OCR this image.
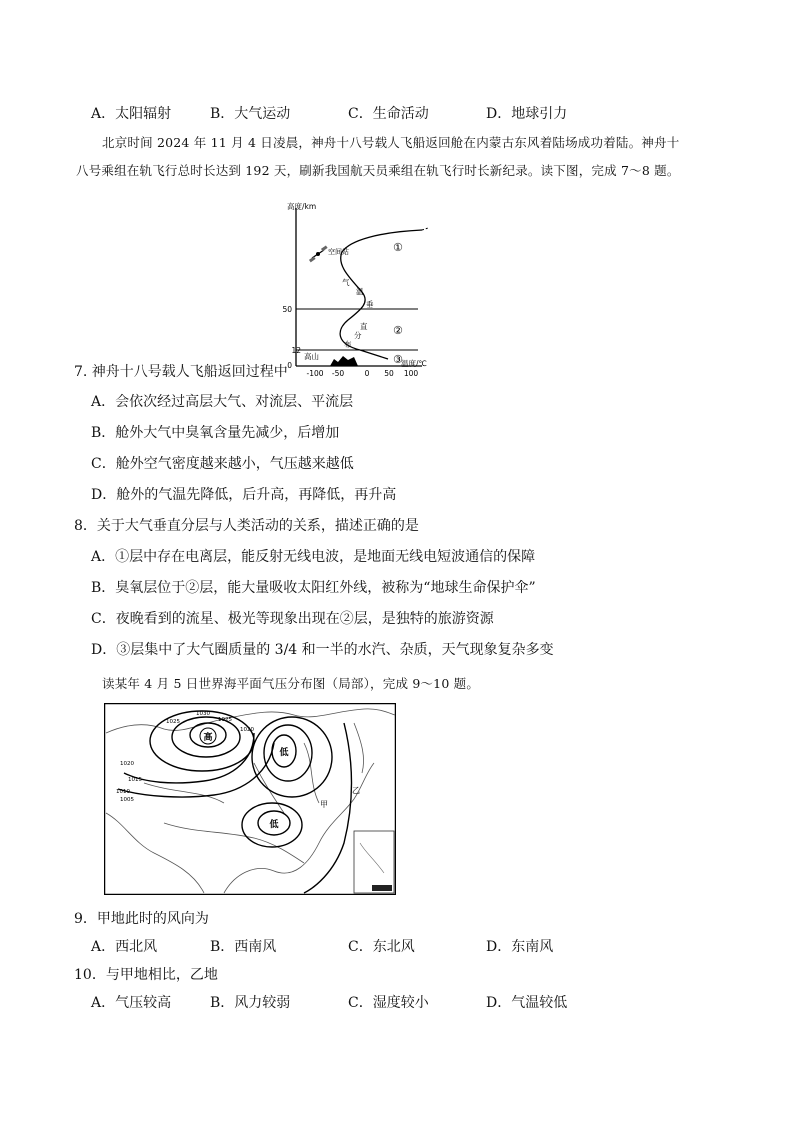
A．太阳辐射	B．大气运动	C．生命活动	D．地球引力
北京时间 2024 年 11 月 4 日凌晨，神舟十八号载人飞船返回舱在内蒙古东风着陆场成功着陆。神舟十
八号乘组在轨飞行总时长达到 192 天，刷新我国航天员乘组在轨飞行时长新纪录。读下图，完成 7～8 题。
高度/km
温度/℃
50
12
0
-100 -50	0 50 100
气
温
垂
直
分
布
①
②
③
空间站
高山
7. 神舟十八号载人飞船返回过程中
A．会依次经过高层大气、对流层、平流层
B．舱外大气中臭氧含量先减少，后增加
C．舱外空气密度越来越小，气压越来越低
D．舱外的气温先降低，后升高，再降低，再升高
8．关于大气垂直分层与人类活动的关系，描述正确的是
A．①层中存在电离层，能反射无线电波，是地面无线电短波通信的保障
B．臭氧层位于②层，能大量吸收太阳红外线，被称为“地球生命保护伞”
C．夜晚看到的流星、极光等现象出现在②层，是独特的旅游资源
D．③层集中了大气圈质量的 3/4 和一半的水汽、杂质，天气现象复杂多变
读某年 4 月 5 日世界海平面气压分布图（局部），完成 9～10 题。
高
低
低
甲
乙
1030
1025
1020
1015
1010
1005
1025
1020
9．甲地此时的风向为
A．西北风	B．西南风	C．东北风	D．东南风
10．与甲地相比，乙地
A．气压较高	B．风力较弱	C．湿度较小	D．气温较低
